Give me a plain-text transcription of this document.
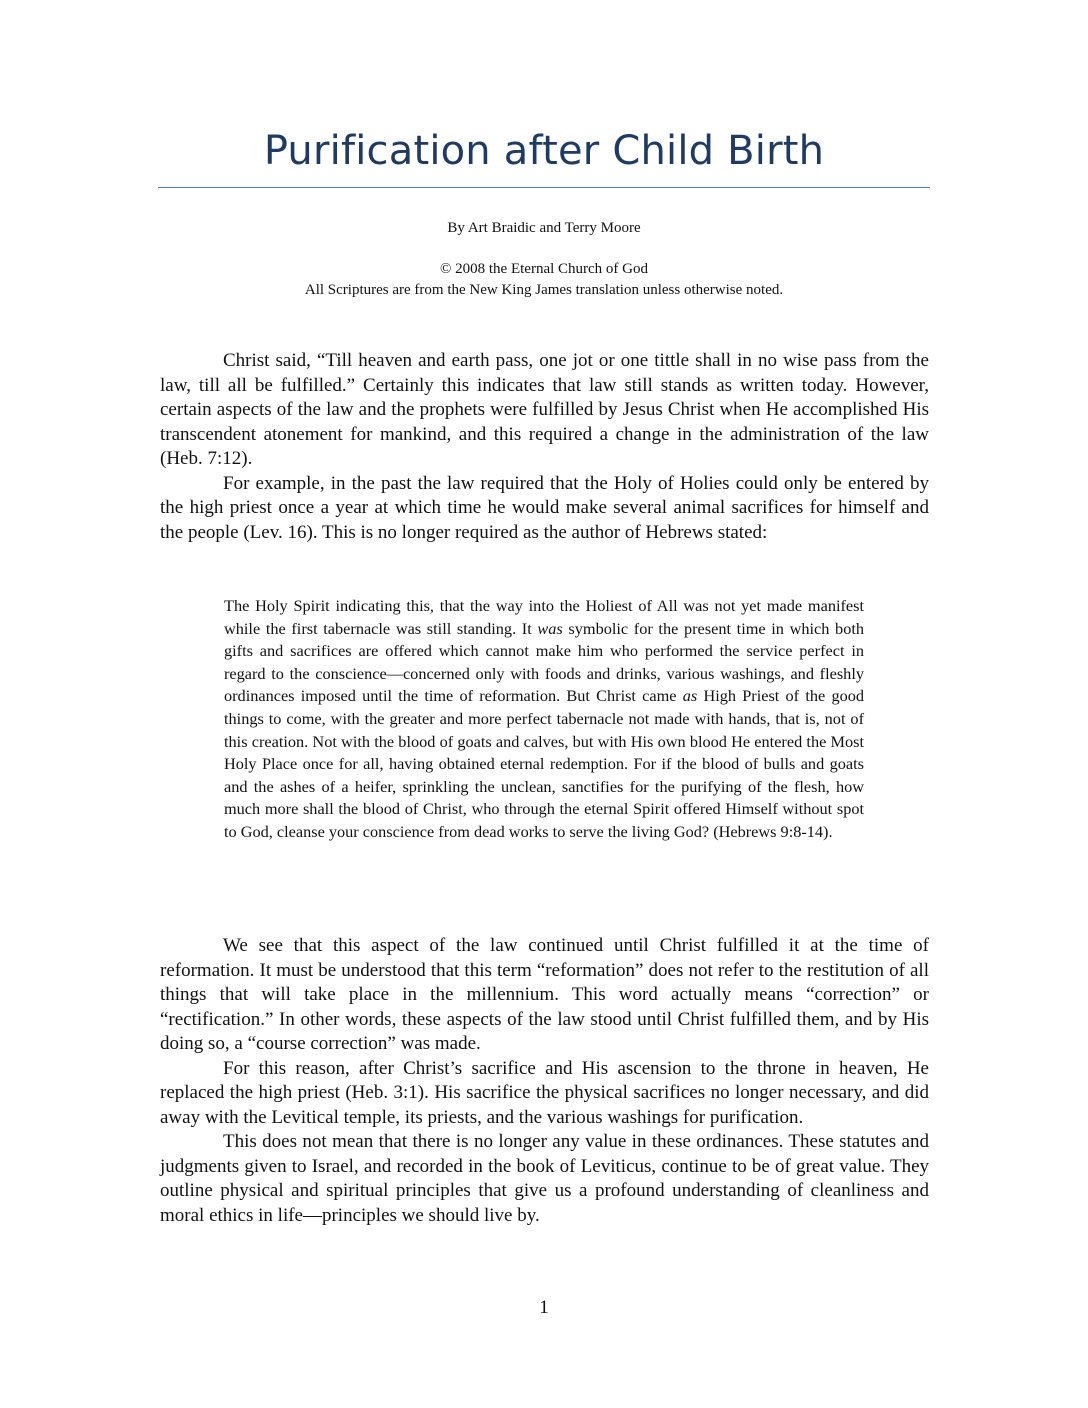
Purification after Child Birth

By Art Braidic and Terry Moore

© 2008 the Eternal Church of God

All Scriptures are from the New King James translation unless otherwise noted.

Christ said, “Till heaven and earth pass, one jot or one tittle shall in no wise pass from the law, till all be fulfilled.” Certainly this indicates that law still stands as written today. However, certain aspects of the law and the prophets were fulfilled by Jesus Christ when He accomplished His transcendent atonement for mankind, and this required a change in the administration of the law (Heb. 7:12).

For example, in the past the law required that the Holy of Holies could only be entered by the high priest once a year at which time he would make several animal sacrifices for himself and the people (Lev. 16). This is no longer required as the author of Hebrews stated:

The Holy Spirit indicating this, that the way into the Holiest of All was not yet made manifest while the first tabernacle was still standing. It was symbolic for the present time in which both gifts and sacrifices are offered which cannot make him who performed the service perfect in regard to the conscience—concerned only with foods and drinks, various washings, and fleshly ordinances imposed until the time of reformation. But Christ came as High Priest of the good things to come, with the greater and more perfect tabernacle not made with hands, that is, not of this creation. Not with the blood of goats and calves, but with His own blood He entered the Most Holy Place once for all, having obtained eternal redemption. For if the blood of bulls and goats and the ashes of a heifer, sprinkling the unclean, sanctifies for the purifying of the flesh, how much more shall the blood of Christ, who through the eternal Spirit offered Himself without spot to God, cleanse your conscience from dead works to serve the living God? (Hebrews 9:8-14).

We see that this aspect of the law continued until Christ fulfilled it at the time of reformation. It must be understood that this term “reformation” does not refer to the restitution of all things that will take place in the millennium. This word actually means “correction” or “rectification.” In other words, these aspects of the law stood until Christ fulfilled them, and by His doing so, a “course correction” was made.

For this reason, after Christ’s sacrifice and His ascension to the throne in heaven, He replaced the high priest (Heb. 3:1). His sacrifice the physical sacrifices no longer necessary, and did away with the Levitical temple, its priests, and the various washings for purification.

This does not mean that there is no longer any value in these ordinances. These statutes and judgments given to Israel, and recorded in the book of Leviticus, continue to be of great value. They outline physical and spiritual principles that give us a profound understanding of cleanliness and moral ethics in life—principles we should live by.

1
